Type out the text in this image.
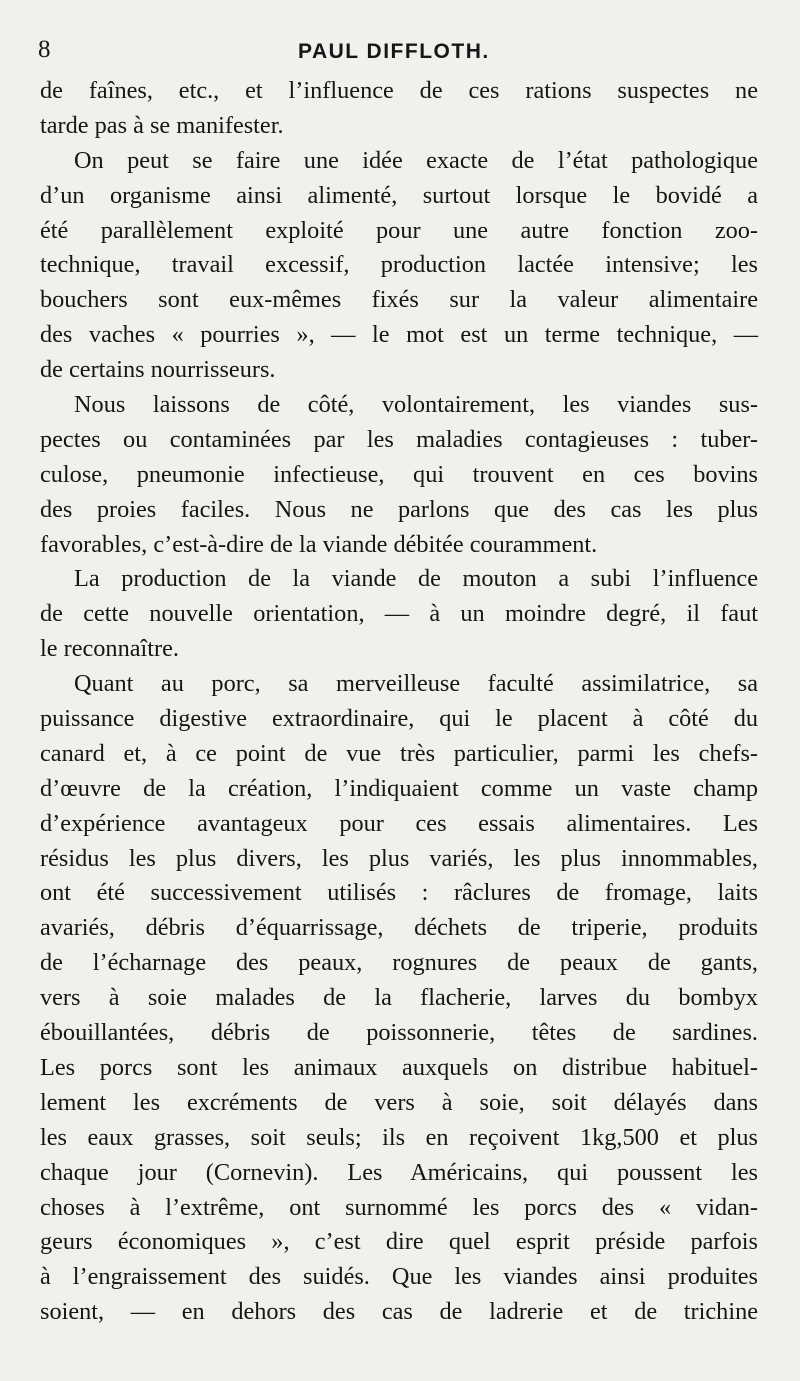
8	PAUL DIFFLOTH.
de faînes, etc., et l’influence de ces rations suspectes ne
tarde pas à se manifester.
On peut se faire une idée exacte de l’état pathologique
d’un organisme ainsi alimenté, surtout lorsque le bovidé a
été parallèlement exploité pour une autre fonction zoo-
technique, travail excessif, production lactée intensive; les
bouchers sont eux-mêmes fixés sur la valeur alimentaire
des vaches « pourries », — le mot est un terme technique, —
de certains nourrisseurs.
Nous laissons de côté, volontairement, les viandes sus-
pectes ou contaminées par les maladies contagieuses : tuber-
culose, pneumonie infectieuse, qui trouvent en ces bovins
des proies faciles. Nous ne parlons que des cas les plus
favorables, c’est-à-dire de la viande débitée couramment.
La production de la viande de mouton a subi l’influence
de cette nouvelle orientation, — à un moindre degré, il faut
le reconnaître.
Quant au porc, sa merveilleuse faculté assimilatrice, sa
puissance digestive extraordinaire, qui le placent à côté du
canard et, à ce point de vue très particulier, parmi les chefs-
d’œuvre de la création, l’indiquaient comme un vaste champ
d’expérience avantageux pour ces essais alimentaires. Les
résidus les plus divers, les plus variés, les plus innommables,
ont été successivement utilisés : râclures de fromage, laits
avariés, débris d’équarrissage, déchets de triperie, produits
de l’écharnage des peaux, rognures de peaux de gants,
vers à soie malades de la flacherie, larves du bombyx
ébouillantées, débris de poissonnerie, têtes de sardines.
Les porcs sont les animaux auxquels on distribue habituel-
lement les excréments de vers à soie, soit délayés dans
les eaux grasses, soit seuls; ils en reçoivent 1kg,500 et plus
chaque jour (Cornevin). Les Américains, qui poussent les
choses à l’extrême, ont surnommé les porcs des « vidan-
geurs économiques », c’est dire quel esprit préside parfois
à l’engraissement des suidés. Que les viandes ainsi produites
soient, — en dehors des cas de ladrerie et de trichine
